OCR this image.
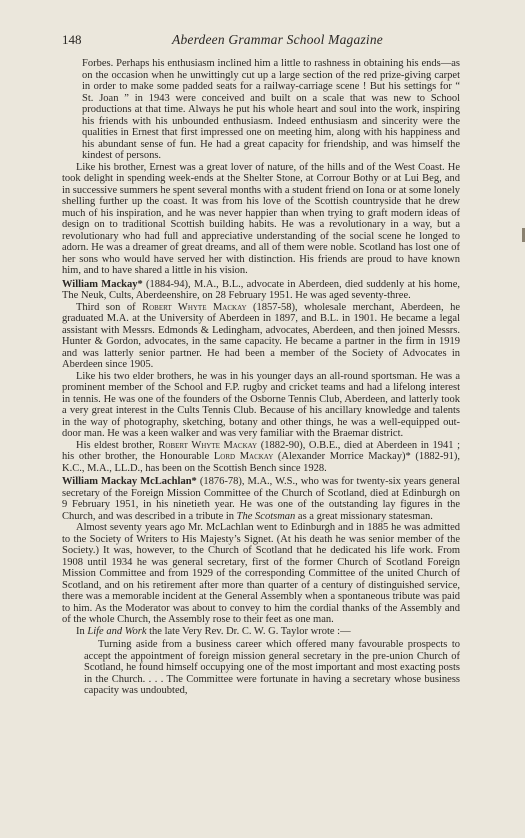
148	Aberdeen Grammar School Magazine

Forbes. Perhaps his enthusiasm inclined him a little to rashness in obtaining his ends—as on the occasion when he unwittingly cut up a large section of the red prize-giving carpet in order to make some padded seats for a railway-carriage scene ! But his settings for “ St. Joan ” in 1943 were conceived and built on a scale that was new to School productions at that time. Always he put his whole heart and soul into the work, inspiring his friends with his unbounded enthusiasm. Indeed enthusiasm and sincerity were the qualities in Ernest that first impressed one on meeting him, along with his happiness and his abundant sense of fun. He had a great capacity for friendship, and was himself the kindest of persons.

Like his brother, Ernest was a great lover of nature, of the hills and of the West Coast. He took delight in spending week-ends at the Shelter Stone, at Corrour Bothy or at Lui Beg, and in successive summers he spent several months with a student friend on Iona or at some lonely shelling further up the coast. It was from his love of the Scottish countryside that he drew much of his inspiration, and he was never happier than when trying to graft modern ideas of design on to traditional Scottish building habits. He was a revolutionary in a way, but a revolutionary who had full and appreciative understanding of the social scene he longed to adorn. He was a dreamer of great dreams, and all of them were noble. Scotland has lost one of her sons who would have served her with distinction. His friends are proud to have known him, and to have shared a little in his vision.

William Mackay* (1884-94), M.A., B.L., advocate in Aberdeen, died suddenly at his home, The Neuk, Cults, Aberdeenshire, on 28 February 1951. He was aged seventy-three.

Third son of Robert Whyte Mackay (1857-58), wholesale merchant, Aberdeen, he graduated M.A. at the University of Aberdeen in 1897, and B.L. in 1901. He became a legal assistant with Messrs. Edmonds & Ledingham, advocates, Aberdeen, and then joined Messrs. Hunter & Gordon, advocates, in the same capacity. He became a partner in the firm in 1919 and was latterly senior partner. He had been a member of the Society of Advocates in Aberdeen since 1905.

Like his two elder brothers, he was in his younger days an all-round sportsman. He was a prominent member of the School and F.P. rugby and cricket teams and had a lifelong interest in tennis. He was one of the founders of the Osborne Tennis Club, Aberdeen, and latterly took a very great interest in the Cults Tennis Club. Because of his ancillary knowledge and talents in the way of photography, sketching, botany and other things, he was a well-equipped out-door man. He was a keen walker and was very familiar with the Braemar district.

His eldest brother, Robert Whyte Mackay (1882-90), O.B.E., died at Aberdeen in 1941 ; his other brother, the Honourable Lord Mackay (Alexander Morrice Mackay)* (1882-91), K.C., M.A., LL.D., has been on the Scottish Bench since 1928.

William Mackay McLachlan* (1876-78), M.A., W.S., who was for twenty-six years general secretary of the Foreign Mission Committee of the Church of Scotland, died at Edinburgh on 9 February 1951, in his ninetieth year. He was one of the outstanding lay figures in the Church, and was described in a tribute in The Scotsman as a great missionary statesman.

Almost seventy years ago Mr. McLachlan went to Edinburgh and in 1885 he was admitted to the Society of Writers to His Majesty’s Signet. (At his death he was senior member of the Society.) It was, however, to the Church of Scotland that he dedicated his life work. From 1908 until 1934 he was general secretary, first of the former Church of Scotland Foreign Mission Committee and from 1929 of the corresponding Committee of the united Church of Scotland, and on his retirement after more than quarter of a century of distinguished service, there was a memorable incident at the General Assembly when a spontaneous tribute was paid to him. As the Moderator was about to convey to him the cordial thanks of the Assembly and of the whole Church, the Assembly rose to their feet as one man.

In Life and Work the late Very Rev. Dr. C. W. G. Taylor wrote :—

Turning aside from a business career which offered many favourable prospects to accept the appointment of foreign mission general secretary in the pre-union Church of Scotland, he found himself occupying one of the most important and most exacting posts in the Church. . . . The Committee were fortunate in having a secretary whose business capacity was undoubted,
